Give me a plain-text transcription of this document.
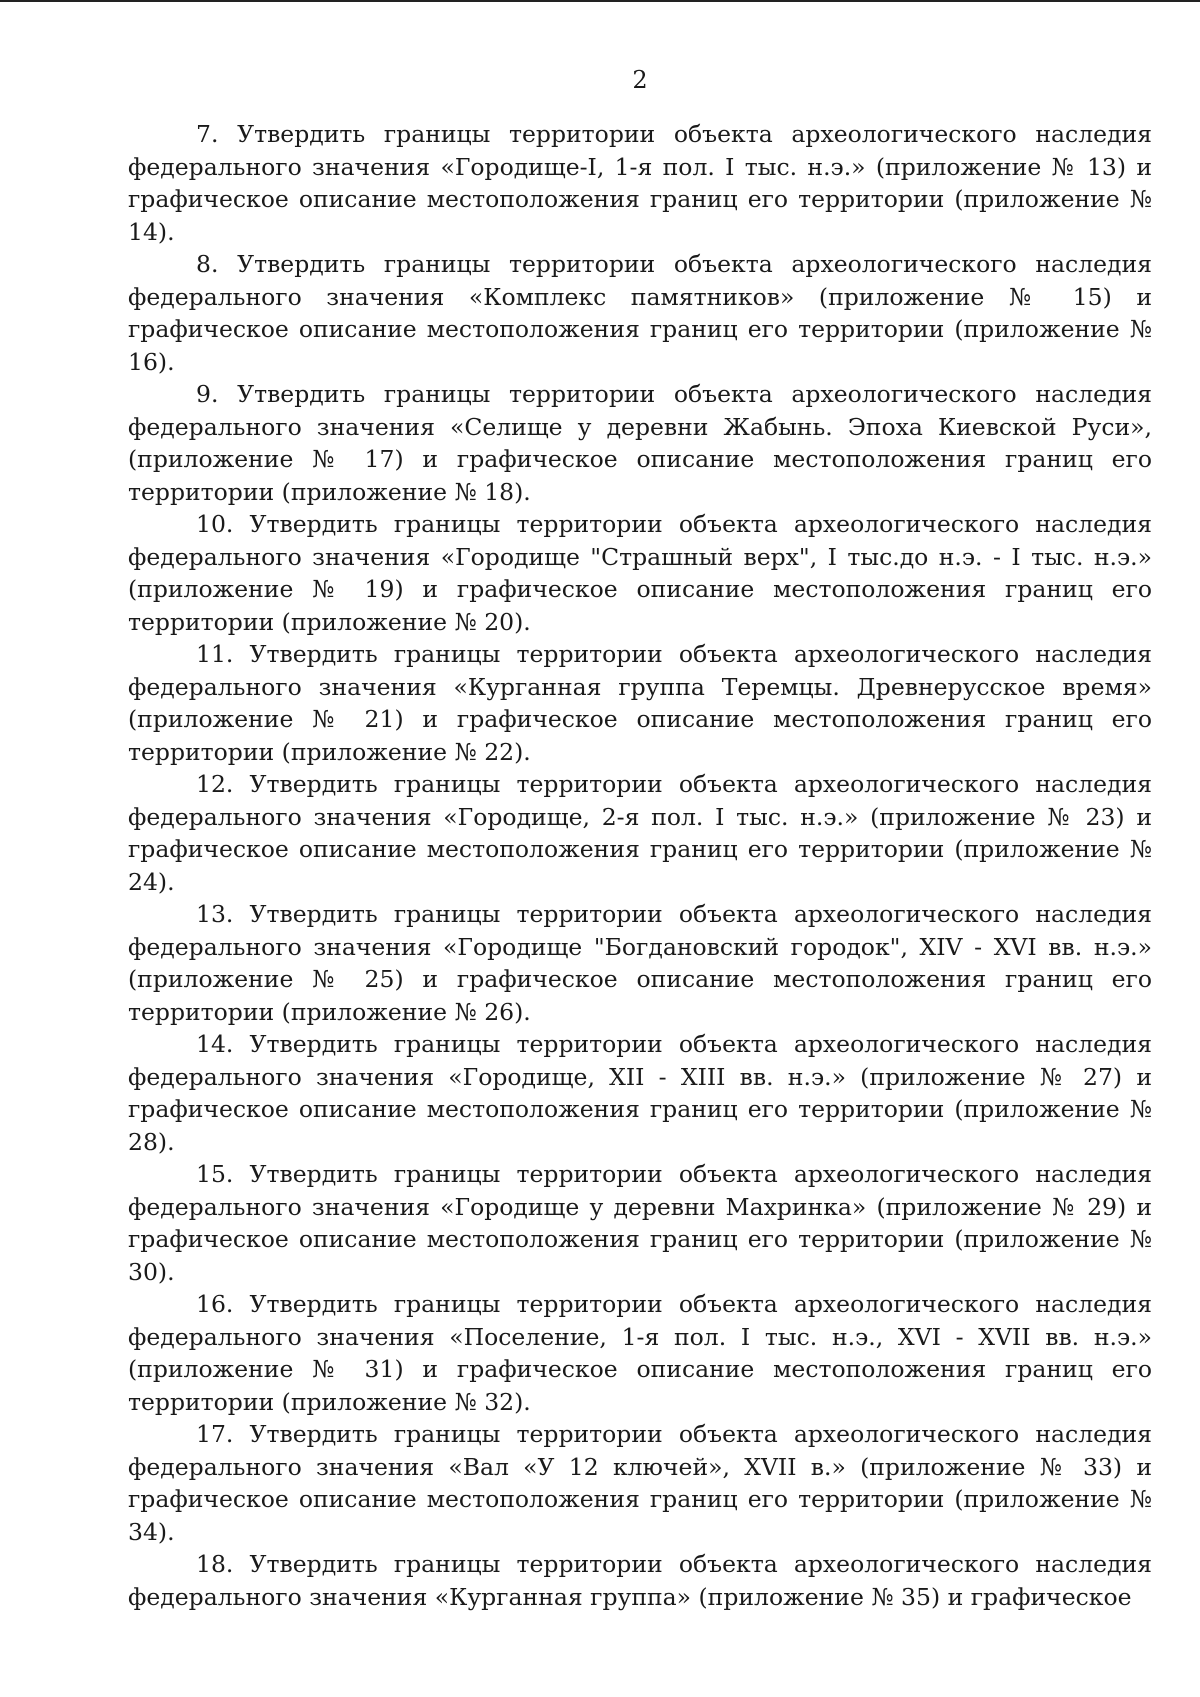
2

7. Утвердить границы территории объекта археологического наследия федерального значения «Городище-I, 1-я пол. I тыс. н.э.» (приложение № 13) и графическое описание местоположения границ его территории (приложение № 14).

8. Утвердить границы территории объекта археологического наследия федерального значения «Комплекс памятников» (приложение № 15) и графическое описание местоположения границ его территории (приложение № 16).

9. Утвердить границы территории объекта археологического наследия федерального значения «Селище у деревни Жабынь. Эпоха Киевской Руси», (приложение № 17) и графическое описание местоположения границ его территории (приложение № 18).

10. Утвердить границы территории объекта археологического наследия федерального значения «Городище "Страшный верх", I тыс.до н.э. - I тыс. н.э.» (приложение № 19) и графическое описание местоположения границ его территории (приложение № 20).

11. Утвердить границы территории объекта археологического наследия федерального значения «Курганная группа Теремцы. Древнерусское время» (приложение № 21) и графическое описание местоположения границ его территории (приложение № 22).

12. Утвердить границы территории объекта археологического наследия федерального значения «Городище, 2-я пол. I тыс. н.э.» (приложение № 23) и графическое описание местоположения границ его территории (приложение № 24).

13. Утвердить границы территории объекта археологического наследия федерального значения «Городище "Богдановский городок", XIV - XVI вв. н.э.» (приложение № 25) и графическое описание местоположения границ его территории (приложение № 26).

14. Утвердить границы территории объекта археологического наследия федерального значения «Городище, XII - XIII вв. н.э.» (приложение № 27) и графическое описание местоположения границ его территории (приложение № 28).

15. Утвердить границы территории объекта археологического наследия федерального значения «Городище у деревни Махринка» (приложение № 29) и графическое описание местоположения границ его территории (приложение № 30).

16. Утвердить границы территории объекта археологического наследия федерального значения «Поселение, 1-я пол. I тыс. н.э., XVI - XVII вв. н.э.» (приложение № 31) и графическое описание местоположения границ его территории (приложение № 32).

17. Утвердить границы территории объекта археологического наследия федерального значения «Вал «У 12 ключей», XVII в.» (приложение № 33) и графическое описание местоположения границ его территории (приложение № 34).

18. Утвердить границы территории объекта археологического наследия федерального значения «Курганная группа» (приложение № 35) и графическое
